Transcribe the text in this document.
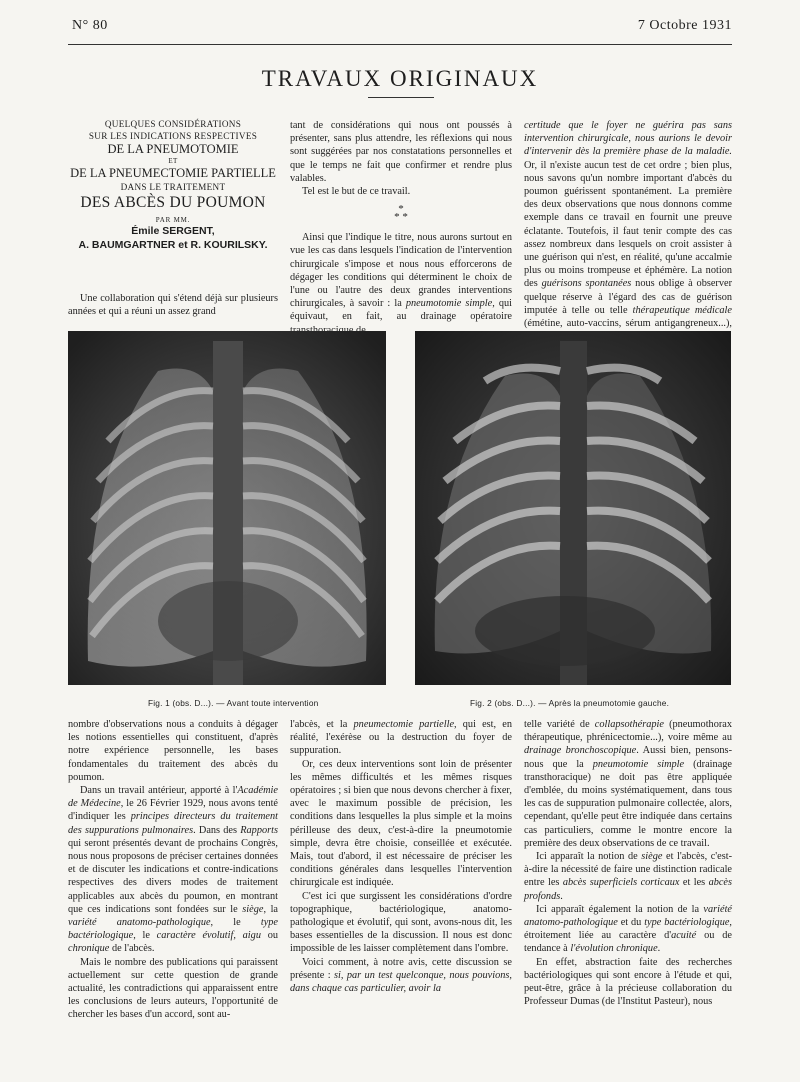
N° 80	7 Octobre 1931
TRAVAUX ORIGINAUX
QUELQUES CONSIDÉRATIONS
SUR LES INDICATIONS RESPECTIVES
DE LA PNEUMOTOMIE
ET
DE LA PNEUMECTOMIE PARTIELLE
DANS LE TRAITEMENT
DES ABCÈS DU POUMON
PAR MM.
Émile SERGENT,
A. BAUMGARTNER et R. KOURILSKY.

Une collaboration qui s'étend déjà sur plusieurs années et qui a réuni un assez grand

tant de considérations qui nous ont poussés à présenter, sans plus attendre, les réflexions qui nous sont suggérées par nos constatations personnelles et que le temps ne fait que confirmer et rendre plus valables.

Tel est le but de ce travail.

*
* *

Ainsi que l'indique le titre, nous aurons surtout en vue les cas dans lesquels l'indication de l'intervention chirurgicale s'impose et nous nous efforcerons de dégager les conditions qui déterminent le choix de l'une ou l'autre des deux grandes interventions chirurgicales, à savoir : la pneumotomie simple, qui équivaut, en fait, au drainage opératoire

certitude que le foyer ne guérira pas sans intervention chirurgicale, nous aurions le devoir d'intervenir dès la première phase de la maladie. Or, il n'existe aucun test de cet ordre ; bien plus, nous savons qu'un nombre important d'abcès du poumon guérissent spontanément. La première des deux observations que nous donnons comme exemple dans ce travail en fournit une preuve éclatante. Toutefois, il faut tenir compte des cas assez nombreux dans lesquels on croit assister à une guérison qui n'est, en réalité, qu'une accalmie plus ou moins trompeuse et éphémère. La notion des guérisons spontanées nous oblige à observer quelque réserve à l'égard des cas de guérison imputée à telle ou telle thérapeutique médicale (émétine, auto-vaccins, sérum antigangreneux...),

Fig. 1 (obs. D...). — Avant toute intervention	Fig. 2 (obs. D...). — Après la pneumotomie gauche.

nombre d'observations nous a conduits à dégager les notions essentielles qui constituent, d'après notre expérience personnelle, les bases fondamentales du traitement des abcès du poumon.

Dans un travail antérieur, apporté à l'Académie de Médecine, le 26 Février 1929, nous avons tenté d'indiquer les principes directeurs du traitement des suppurations pulmonaires. Dans des Rapports qui seront présentés devant de prochains Congrès, nous nous proposons de préciser certaines données et de discuter les indications et contre-indications respectives des divers modes de traitement applicables aux abcès du poumon, en montrant que ces indications sont fondées sur le siège, la variété anatomo-pathologique, le type bactériologique, le caractère évolutif, aigu ou chronique de l'abcès.

Mais le nombre des publications qui paraissent actuellement sur cette question de grande actualité, les contradictions qui apparaissent entre les conclusions de leurs auteurs, l'opportunité de chercher les bases d'un accord, sont au-

l'abcès, et la pneumectomie partielle, qui est, en réalité, l'exérèse ou la destruction du foyer de suppuration.

Or, ces deux interventions sont loin de présenter les mêmes difficultés et les mêmes risques opératoires ; si bien que nous devons chercher à fixer, avec le maximum possible de précision, les conditions dans lesquelles la plus simple et la moins périlleuse des deux, c'est-à-dire la pneumotomie simple, devra être choisie, conseillée et exécutée. Mais, tout d'abord, il est nécessaire de préciser les conditions générales dans lesquelles l'intervention chirurgicale est indiquée.

C'est ici que surgissent les considérations d'ordre topographique, bactériologique, anatomo-pathologique et évolutif, qui sont, avons-nous dit, les bases essentielles de la discussion. Il nous est donc impossible de les laisser complètement dans l'ombre.

Voici comment, à notre avis, cette discussion se présente : si, par un test quelconque, nous pouvions, dans chaque cas particulier, avoir la

telle variété de collapsothérapie (pneumothorax thérapeutique, phrénicectomie...), voire même au drainage bronchoscopique. Aussi bien, pensons-nous que la pneumotomie simple (drainage transthoracique) ne doit pas être appliquée d'emblée, du moins systématiquement, dans tous les cas de suppuration pulmonaire collectée, alors, cependant, qu'elle peut être indiquée dans certains cas particuliers, comme le montre encore la première des deux observations de ce travail.

Ici apparaît la notion de siège et l'abcès, c'est-à-dire la nécessité de faire une distinction radicale entre les abcès superficiels corticaux et les abcès profonds.

Ici apparaît également la notion de la variété anatomo-pathologique et du type bactériologique, étroitement liée au caractère d'acuité ou de tendance à l'évolution chronique.

En effet, abstraction faite des recherches bactériologiques qui sont encore à l'étude et qui, peut-être, grâce à la précieuse collaboration du Professeur Dumas (de l'Institut Pasteur), nous
